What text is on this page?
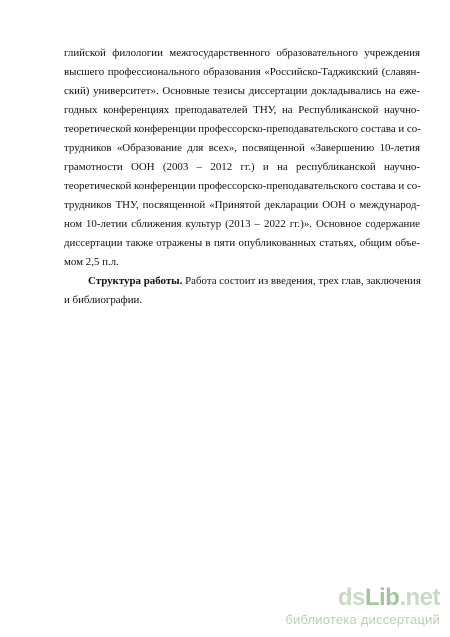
глийской филологии межгосударственного образовательного учреждения
высшего профессионального образования «Российско-Таджикский (славян-
ский) университет». Основные тезисы диссертации докладывались на еже-
годных конференциях преподавателей ТНУ, на Республиканской научно-
теоретической конференции профессорско-преподавательского состава и со-
трудников «Образование для всех», посвященной «Завершению 10-летия
грамотности ООН (2003 – 2012 гг.) и на республиканской научно-
теоретической конференции профессорско-преподавательского состава и со-
трудников ТНУ, посвященной «Принятой декларации ООН о международ-
ном 10-летии сближения культур (2013 – 2022 гг.)». Основное содержание
диссертации также отражены в пяти опубликованных статьях, общим объе-
мом 2,5 п.л.
Структура работы. Работа состоит из введения, трех глав, заключения
и библиографии.
ds Lib .net
библиотека диссертаций
